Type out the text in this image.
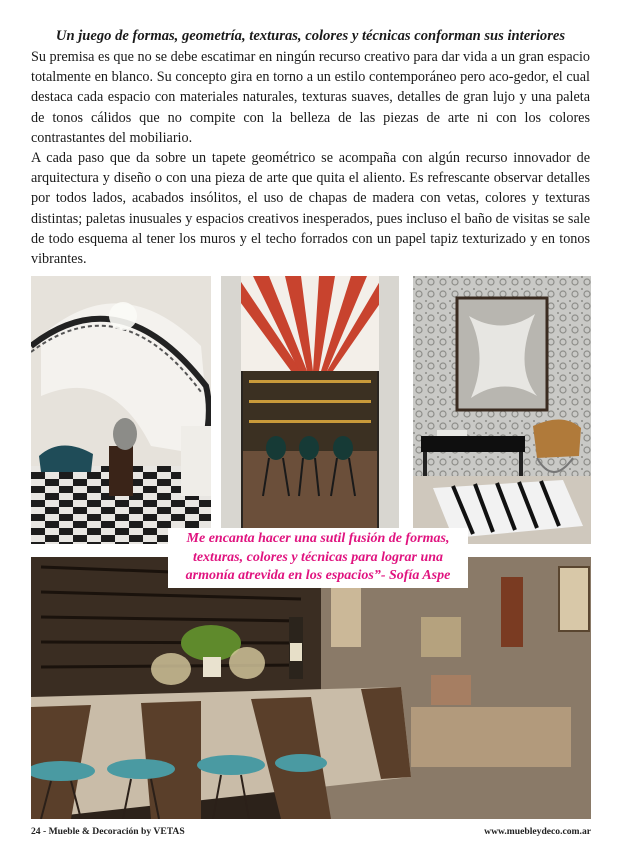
Un juego de formas, geometría, texturas, colores y técnicas conforman sus interiores

Su premisa es que no se debe escatimar en ningún recurso creativo para dar vida a un gran espacio totalmente en blanco. Su concepto gira en torno a un estilo contemporáneo pero aco-gedor, el cual destaca cada espacio con materiales naturales, texturas suaves, detalles de gran lujo y una paleta de tonos cálidos que no compite con la belleza de las piezas de arte ni con los colores contrastantes del mobiliario.

A cada paso que da sobre un tapete geométrico se acompaña con algún recurso innovador de arquitectura y diseño o con una pieza de arte que quita el aliento. Es refrescante observar detalles por todos lados, acabados insólitos, el uso de chapas de madera con vetas, colores y texturas distintas; paletas inusuales y espacios creativos inesperados, pues incluso el baño de visitas se sale de todo esquema al tener los muros y el techo forrados con un papel tapiz texturizado y en tonos vibrantes.

Me encanta hacer una sutil fusión de formas,
texturas, colores y técnicas para lograr una
armonía atrevida en los espacios”- Sofía Aspe
24 - Mueble & Decoración by VETAS	www.muebleydeco.com.ar
